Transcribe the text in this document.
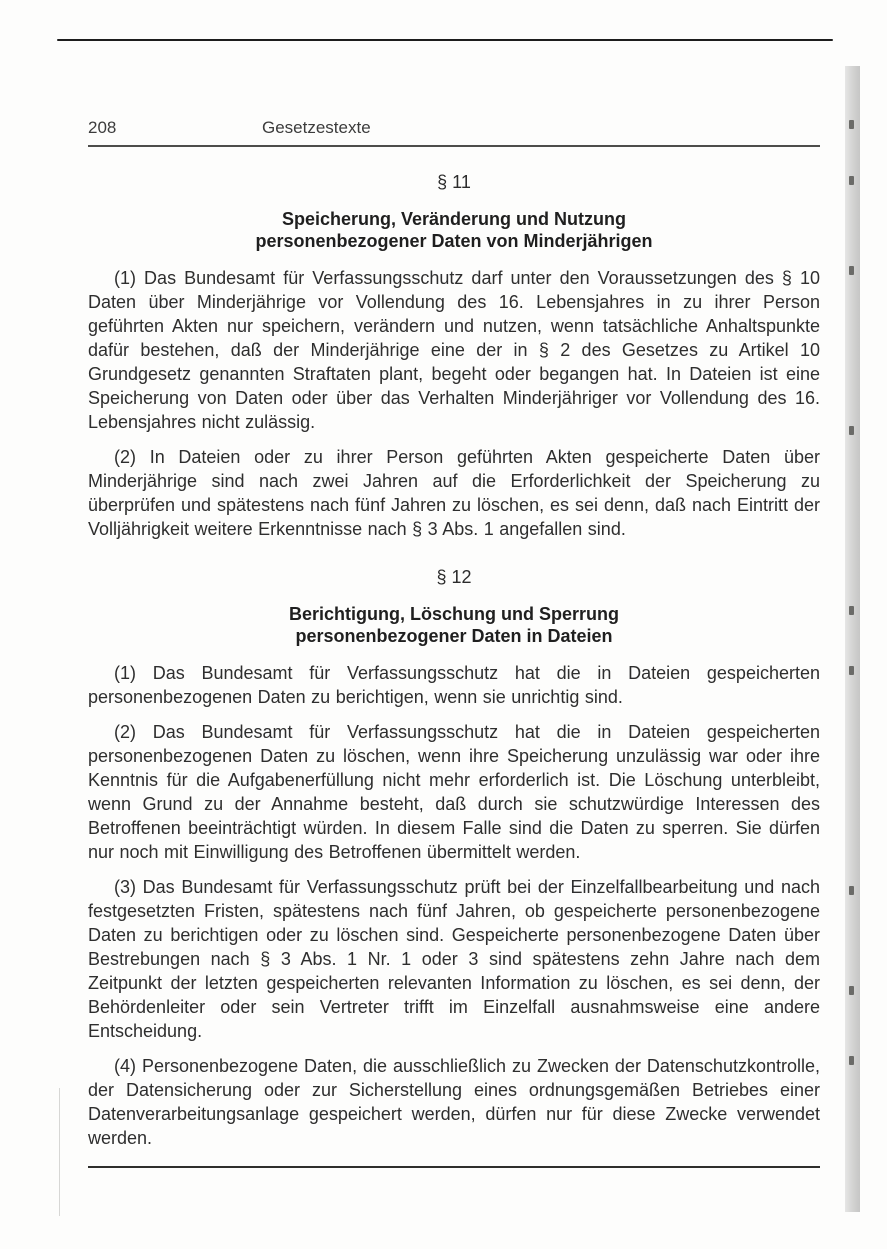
208	Gesetzestexte
§ 11
Speicherung, Veränderung und Nutzung
personenbezogener Daten von Minderjährigen

(1) Das Bundesamt für Verfassungsschutz darf unter den Voraussetzungen des § 10 Daten über Minderjährige vor Vollendung des 16. Lebensjahres in zu ihrer Person geführten Akten nur speichern, verändern und nutzen, wenn tatsächliche Anhaltspunkte dafür bestehen, daß der Minderjährige eine der in § 2 des Gesetzes zu Artikel 10 Grundgesetz genannten Straftaten plant, begeht oder begangen hat. In Dateien ist eine Speicherung von Daten oder über das Verhalten Minderjähriger vor Vollendung des 16. Lebensjahres nicht zulässig.

(2) In Dateien oder zu ihrer Person geführten Akten gespeicherte Daten über Minderjährige sind nach zwei Jahren auf die Erforderlichkeit der Speicherung zu überprüfen und spätestens nach fünf Jahren zu löschen, es sei denn, daß nach Eintritt der Volljährigkeit weitere Erkenntnisse nach § 3 Abs. 1 angefallen sind.

§ 12
Berichtigung, Löschung und Sperrung
personenbezogener Daten in Dateien

(1) Das Bundesamt für Verfassungsschutz hat die in Dateien gespeicherten personenbezogenen Daten zu berichtigen, wenn sie unrichtig sind.

(2) Das Bundesamt für Verfassungsschutz hat die in Dateien gespeicherten personenbezogenen Daten zu löschen, wenn ihre Speicherung unzulässig war oder ihre Kenntnis für die Aufgabenerfüllung nicht mehr erforderlich ist. Die Löschung unterbleibt, wenn Grund zu der Annahme besteht, daß durch sie schutzwürdige Interessen des Betroffenen beeinträchtigt würden. In diesem Falle sind die Daten zu sperren. Sie dürfen nur noch mit Einwilligung des Betroffenen übermittelt werden.

(3) Das Bundesamt für Verfassungsschutz prüft bei der Einzelfallbearbeitung und nach festgesetzten Fristen, spätestens nach fünf Jahren, ob gespeicherte personenbezogene Daten zu berichtigen oder zu löschen sind. Gespeicherte personenbezogene Daten über Bestrebungen nach § 3 Abs. 1 Nr. 1 oder 3 sind spätestens zehn Jahre nach dem Zeitpunkt der letzten gespeicherten relevanten Information zu löschen, es sei denn, der Behördenleiter oder sein Vertreter trifft im Einzelfall ausnahmsweise eine andere Entscheidung.

(4) Personenbezogene Daten, die ausschließlich zu Zwecken der Datenschutzkontrolle, der Datensicherung oder zur Sicherstellung eines ordnungsgemäßen Betriebes einer Datenverarbeitungsanlage gespeichert werden, dürfen nur für diese Zwecke verwendet werden.
